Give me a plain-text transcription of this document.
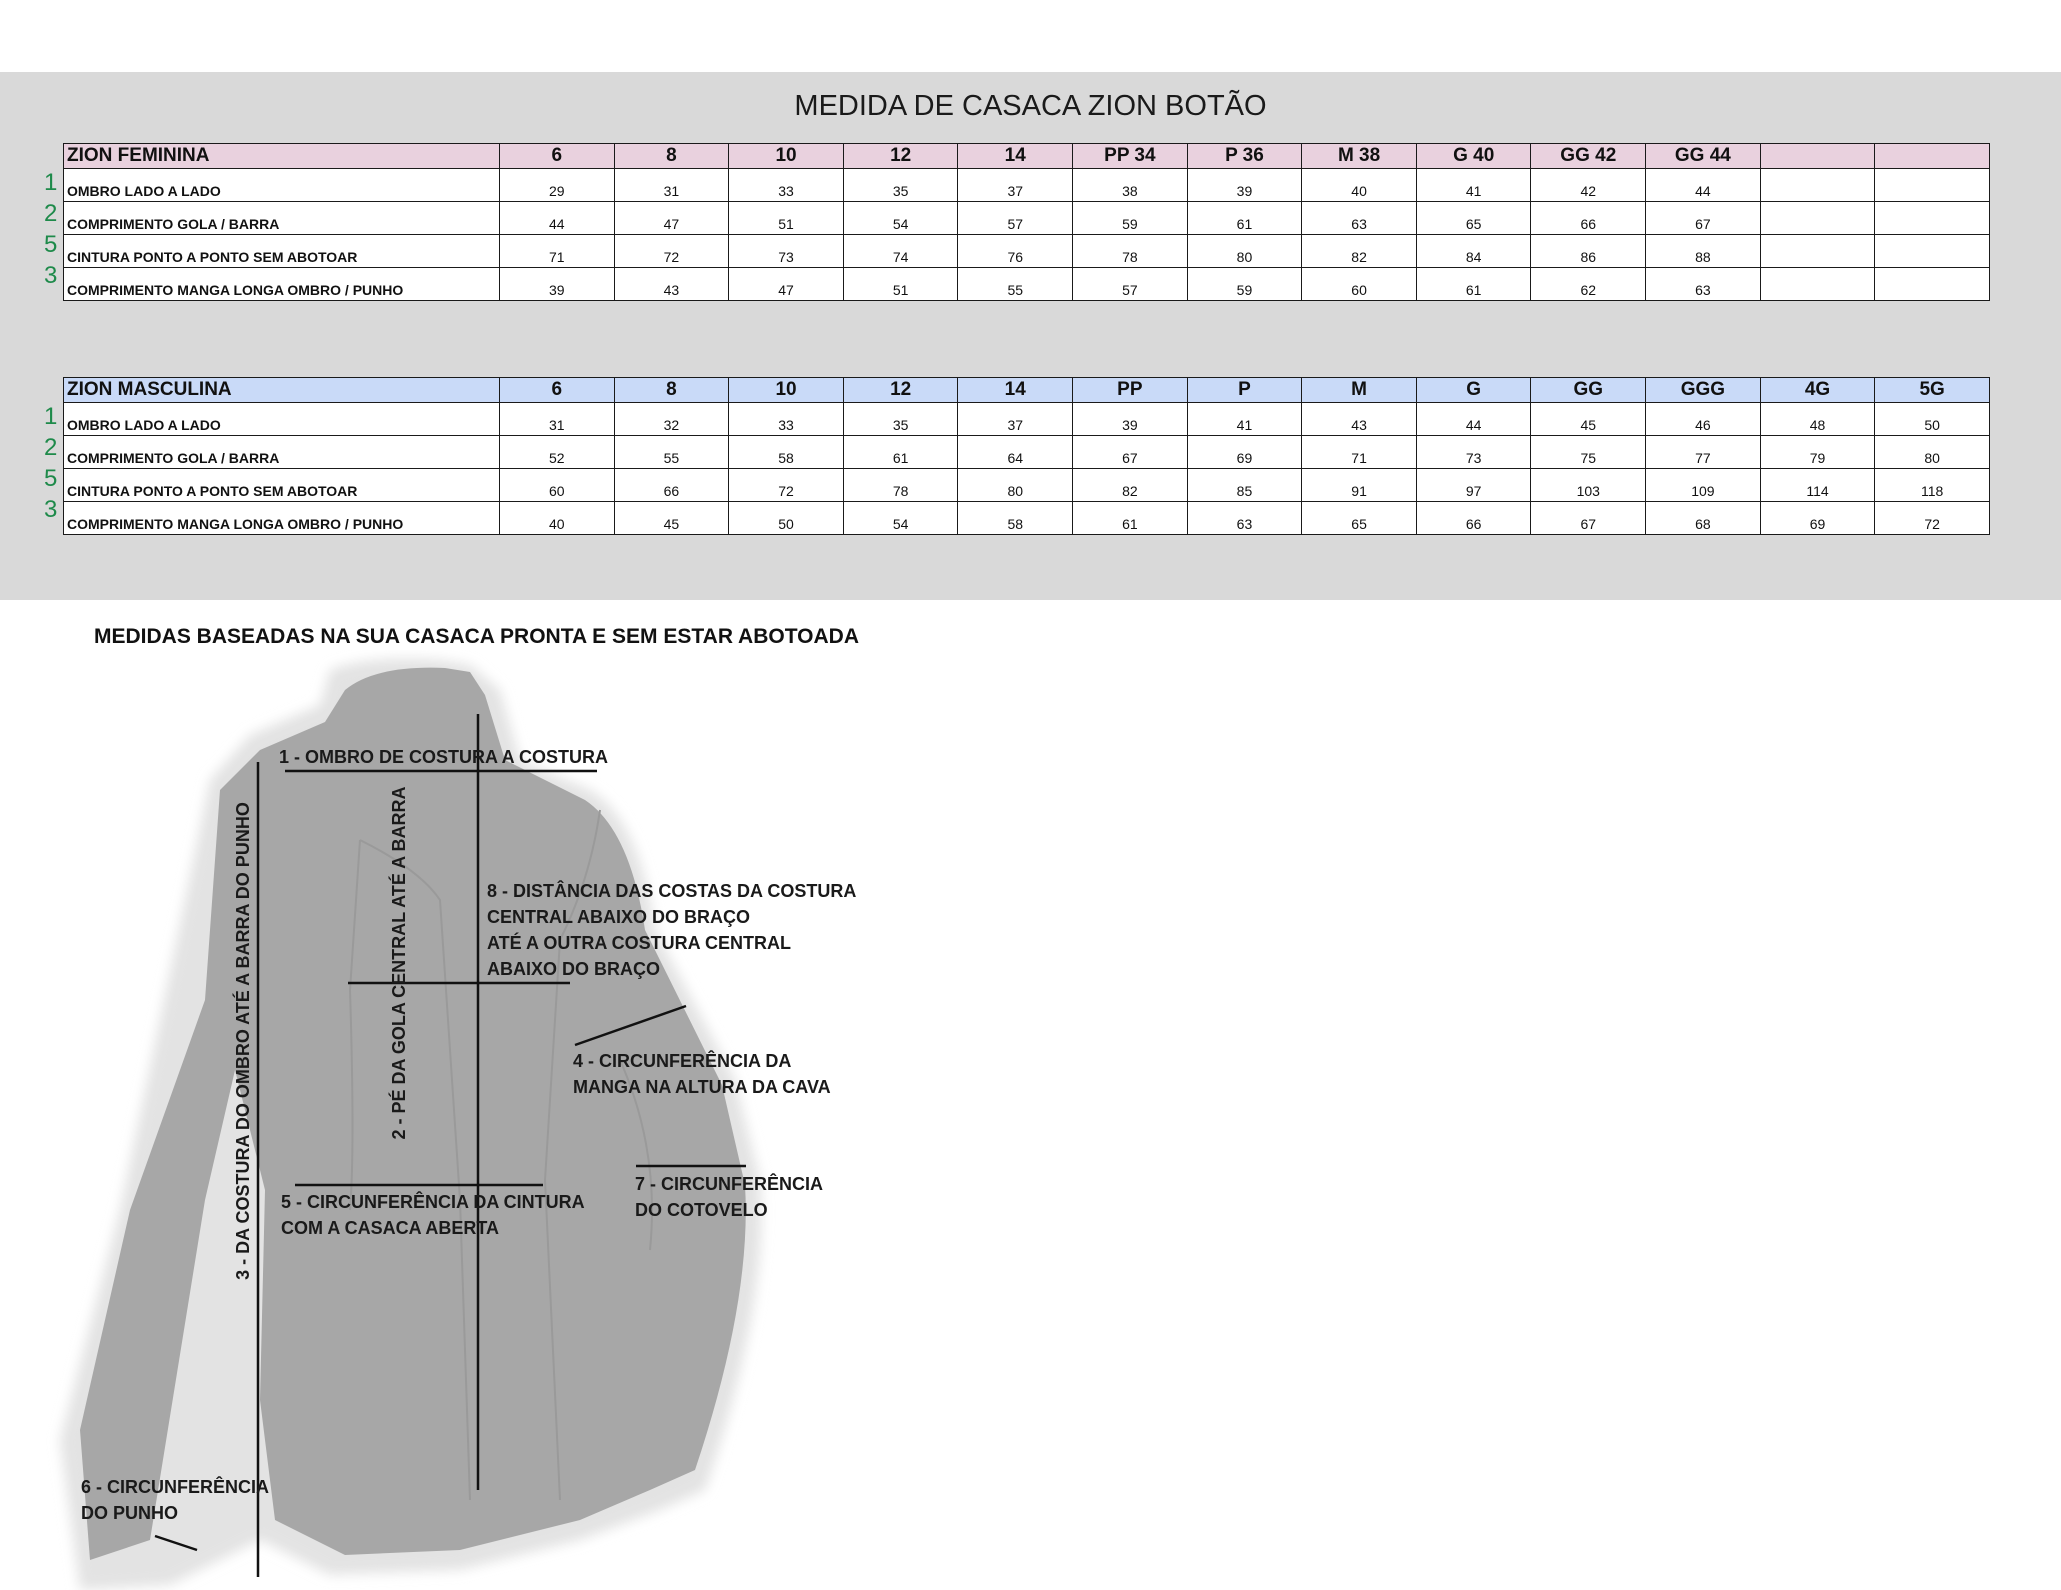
MEDIDA DE CASACA ZION BOTÃO
ZION FEMININA	6	8	10	12	14	PP 34	P 36	M 38	G 40	GG 42	GG 44		
OMBRO LADO A LADO	29	31	33	35	37	38	39	40	41	42	44		
COMPRIMENTO GOLA / BARRA	44	47	51	54	57	59	61	63	65	66	67		
CINTURA PONTO A PONTO SEM ABOTOAR	71	72	73	74	76	78	80	82	84	86	88		
COMPRIMENTO MANGA LONGA OMBRO / PUNHO	39	43	47	51	55	57	59	60	61	62	63		
ZION MASCULINA	6	8	10	12	14	PP	P	M	G	GG	GGG	4G	5G
OMBRO LADO A LADO	31	32	33	35	37	39	41	43	44	45	46	48	50
COMPRIMENTO GOLA / BARRA	52	55	58	61	64	67	69	71	73	75	77	79	80
CINTURA PONTO A PONTO SEM ABOTOAR	60	66	72	78	80	82	85	91	97	103	109	114	118
COMPRIMENTO MANGA LONGA OMBRO / PUNHO	40	45	50	54	58	61	63	65	66	67	68	69	72
1
2
5
3
1
2
5
3
MEDIDAS BASEADAS NA SUA CASACA PRONTA E SEM ESTAR ABOTOADA
1 - OMBRO DE COSTURA A COSTURA
8 - DISTÂNCIA DAS COSTAS DA COSTURA
CENTRAL ABAIXO DO BRAÇO
ATÉ A OUTRA COSTURA CENTRAL
ABAIXO DO BRAÇO
4 - CIRCUNFERÊNCIA DA
MANGA NA ALTURA DA CAVA
5 - CIRCUNFERÊNCIA DA CINTURA
COM A CASACA ABERTA
7 - CIRCUNFERÊNCIA
DO COTOVELO
6 - CIRCUNFERÊNCIA
DO PUNHO
2 - PÉ DA GOLA CENTRAL ATÉ A BARRA
3 - DA COSTURA DO OMBRO ATÉ A BARRA DO PUNHO
